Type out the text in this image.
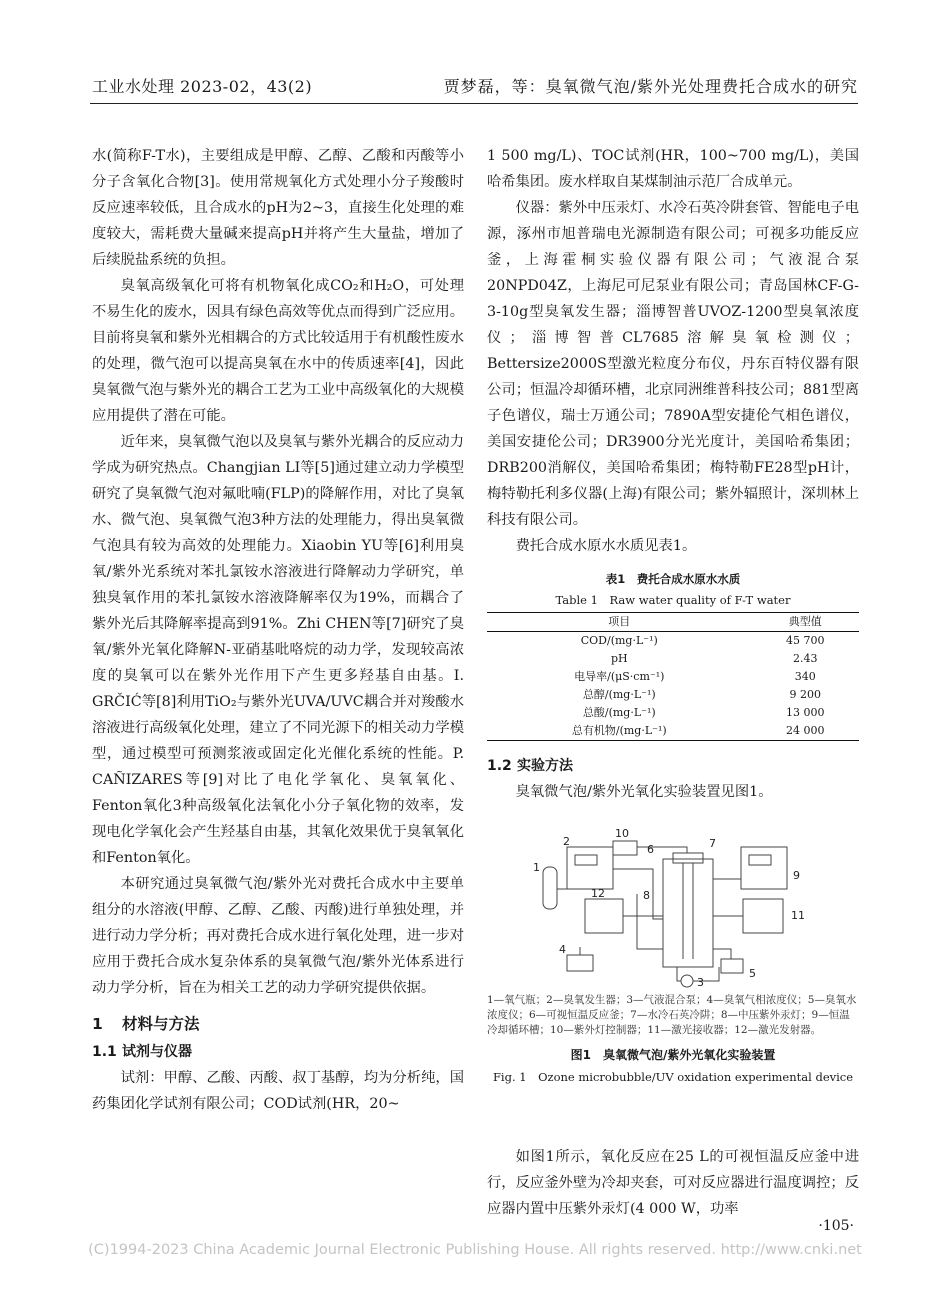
工业水处理 2023-02，43(2)	贾梦磊，等：臭氧微气泡/紫外光处理费托合成水的研究

水(简称F-T水)，主要组成是甲醇、乙醇、乙酸和丙酸等小分子含氧化合物[3]。使用常规氧化方式处理小分子羧酸时反应速率较低，且合成水的pH为2~3，直接生化处理的难度较大，需耗费大量碱来提高pH并将产生大量盐，增加了后续脱盐系统的负担。

臭氧高级氧化可将有机物氧化成CO₂和H₂O，可处理不易生化的废水，因具有绿色高效等优点而得到广泛应用。目前将臭氧和紫外光相耦合的方式比较适用于有机酸性废水的处理，微气泡可以提高臭氧在水中的传质速率[4]，因此臭氧微气泡与紫外光的耦合工艺为工业中高级氧化的大规模应用提供了潜在可能。

近年来，臭氧微气泡以及臭氧与紫外光耦合的反应动力学成为研究热点。Changjian LI等[5]通过建立动力学模型研究了臭氧微气泡对氟吡喃(FLP)的降解作用，对比了臭氧水、微气泡、臭氧微气泡3种方法的处理能力，得出臭氧微气泡具有较为高效的处理能力。Xiaobin YU等[6]利用臭氧/紫外光系统对苯扎氯铵水溶液进行降解动力学研究，单独臭氧作用的苯扎氯铵水溶液降解率仅为19%，而耦合了紫外光后其降解率提高到91%。Zhi CHEN等[7]研究了臭氧/紫外光氧化降解N-亚硝基吡咯烷的动力学，发现较高浓度的臭氧可以在紫外光作用下产生更多羟基自由基。I. GRČIĆ等[8]利用TiO₂与紫外光UVA/UVC耦合并对羧酸水溶液进行高级氧化处理，建立了不同光源下的相关动力学模型，通过模型可预测浆液或固定化光催化系统的性能。P. CAÑIZARES等[9]对比了电化学氧化、臭氧氧化、Fenton氧化3种高级氧化法氧化小分子氧化物的效率，发现电化学氧化会产生羟基自由基，其氧化效果优于臭氧氧化和Fenton氧化。

本研究通过臭氧微气泡/紫外光对费托合成水中主要单组分的水溶液(甲醇、乙醇、乙酸、丙酸)进行单独处理，并进行动力学分析；再对费托合成水进行氧化处理，进一步对应用于费托合成水复杂体系的臭氧微气泡/紫外光体系进行动力学分析，旨在为相关工艺的动力学研究提供依据。

1 材料与方法
1.1 试剂与仪器

试剂：甲醇、乙酸、丙酸、叔丁基醇，均为分析纯，国药集团化学试剂有限公司；COD试剂(HR，20~

1 500 mg/L)、TOC试剂(HR，100~700 mg/L)，美国哈希集团。废水样取自某煤制油示范厂合成单元。

仪器：紫外中压汞灯、水冷石英冷阱套管、智能电子电源，涿州市旭普瑞电光源制造有限公司；可视多功能反应釜，上海霍桐实验仪器有限公司；气液混合泵20NPD04Z，上海尼可尼泵业有限公司；青岛国林CF-G-3-10g型臭氧发生器；淄博智普UVOZ-1200型臭氧浓度仪；淄博智普CL7685溶解臭氧检测仪；Bettersize2000S型激光粒度分布仪，丹东百特仪器有限公司；恒温冷却循环槽，北京同洲维普科技公司；881型离子色谱仪，瑞士万通公司；7890A型安捷伦气相色谱仪，美国安捷伦公司；DR3900分光光度计，美国哈希集团；DRB200消解仪，美国哈希集团；梅特勒FE28型pH计，梅特勒托利多仪器(上海)有限公司；紫外辐照计，深圳林上科技有限公司。

费托合成水原水水质见表1。

表1　费托合成水原水水质
Table 1　Raw water quality of F-T water
项目	典型值
COD/(mg·L⁻¹)	45 700
pH	2.43
电导率/(μS·cm⁻¹)	340
总醇/(mg·L⁻¹)	9 200
总酸/(mg·L⁻¹)	13 000
总有机物/(mg·L⁻¹)	24 000
1.2 实验方法

臭氧微气泡/紫外光氧化实验装置见图1。

1
2
3
4
5
6	7
8
9
10
11
12
1—氧气瓶；2—臭氧发生器；3—气液混合泵；4—臭氧气相浓度仪；5—臭氧水浓度仪；6—可视恒温反应釜；7—水冷石英冷阱；8—中压紫外汞灯；9—恒温冷却循环槽；10—紫外灯控制器；11—激光接收器；12—激光发射器。
图1　臭氧微气泡/紫外光氧化实验装置
Fig. 1　Ozone microbubble/UV oxidation experimental device

如图1所示，氧化反应在25 L的可视恒温反应釜中进行，反应釜外壁为冷却夹套，可对反应器进行温度调控；反应器内置中压紫外汞灯(4 000 W，功率

·105·
(C)1994-2023 China Academic Journal Electronic Publishing House. All rights reserved. http://www.cnki.net
